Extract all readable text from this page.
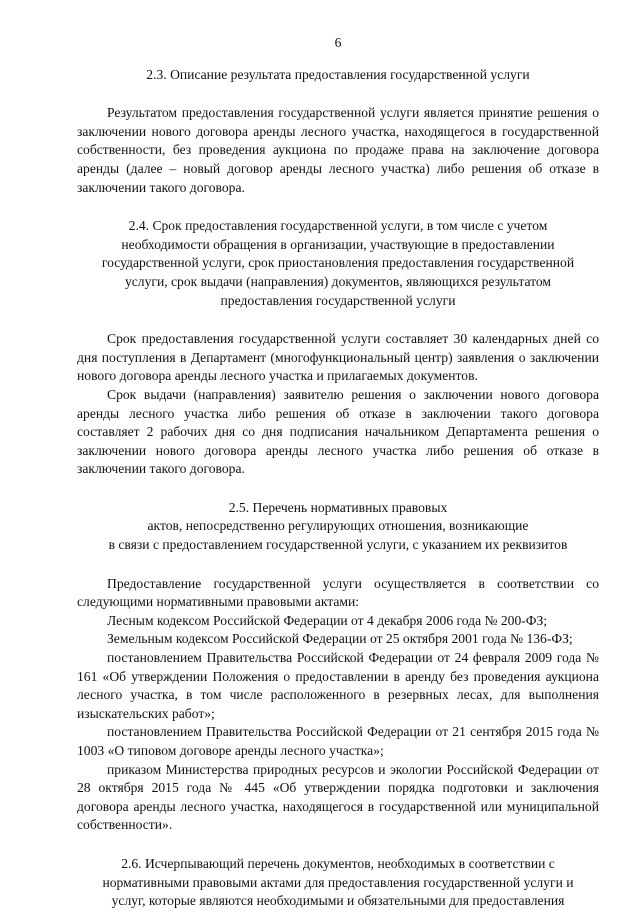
6
2.3. Описание результата предоставления государственной услуги

Результатом предоставления государственной услуги является принятие решения о заключении нового договора аренды лесного участка, находящегося в государственной собственности, без проведения аукциона по продаже права на заключение договора аренды (далее – новый договор аренды лесного участка) либо решения об отказе в заключении такого договора.

2.4. Срок предоставления государственной услуги, в том числе с учетом
необходимости обращения в организации, участвующие в предоставлении
государственной услуги, срок приостановления предоставления государственной
услуги, срок выдачи (направления) документов, являющихся результатом
предоставления государственной услуги

Срок предоставления государственной услуги составляет 30 календарных дней со дня поступления в Департамент (многофункциональный центр) заявления о заключении нового договора аренды лесного участка и прилагаемых документов.

Срок выдачи (направления) заявителю решения о заключении нового договора аренды лесного участка либо решения об отказе в заключении такого договора составляет 2 рабочих дня со дня подписания начальником Департамента решения о заключении нового договора аренды лесного участка либо решения об отказе в заключении такого договора.

2.5. Перечень нормативных правовых
актов, непосредственно регулирующих отношения, возникающие
в связи с предоставлением государственной услуги, с указанием их реквизитов

Предоставление государственной услуги осуществляется в соответствии со следующими нормативными правовыми актами:

Лесным кодексом Российской Федерации от 4 декабря 2006 года № 200-ФЗ;

Земельным кодексом Российской Федерации от 25 октября 2001 года № 136-ФЗ;

постановлением Правительства Российской Федерации от 24 февраля 2009 года № 161 «Об утверждении Положения о предоставлении в аренду без проведения аукциона лесного участка, в том числе расположенного в резервных лесах, для выполнения изыскательских работ»;

постановлением Правительства Российской Федерации от 21 сентября 2015 года № 1003 «О типовом договоре аренды лесного участка»;

приказом Министерства природных ресурсов и экологии Российской Федерации от 28 октября 2015 года № 445 «Об утверждении порядка подготовки и заключения договора аренды лесного участка, находящегося в государственной или муниципальной собственности».

2.6. Исчерпывающий перечень документов, необходимых в соответствии с
нормативными правовыми актами для предоставления государственной услуги и
услуг, которые являются необходимыми и обязательными для предоставления
